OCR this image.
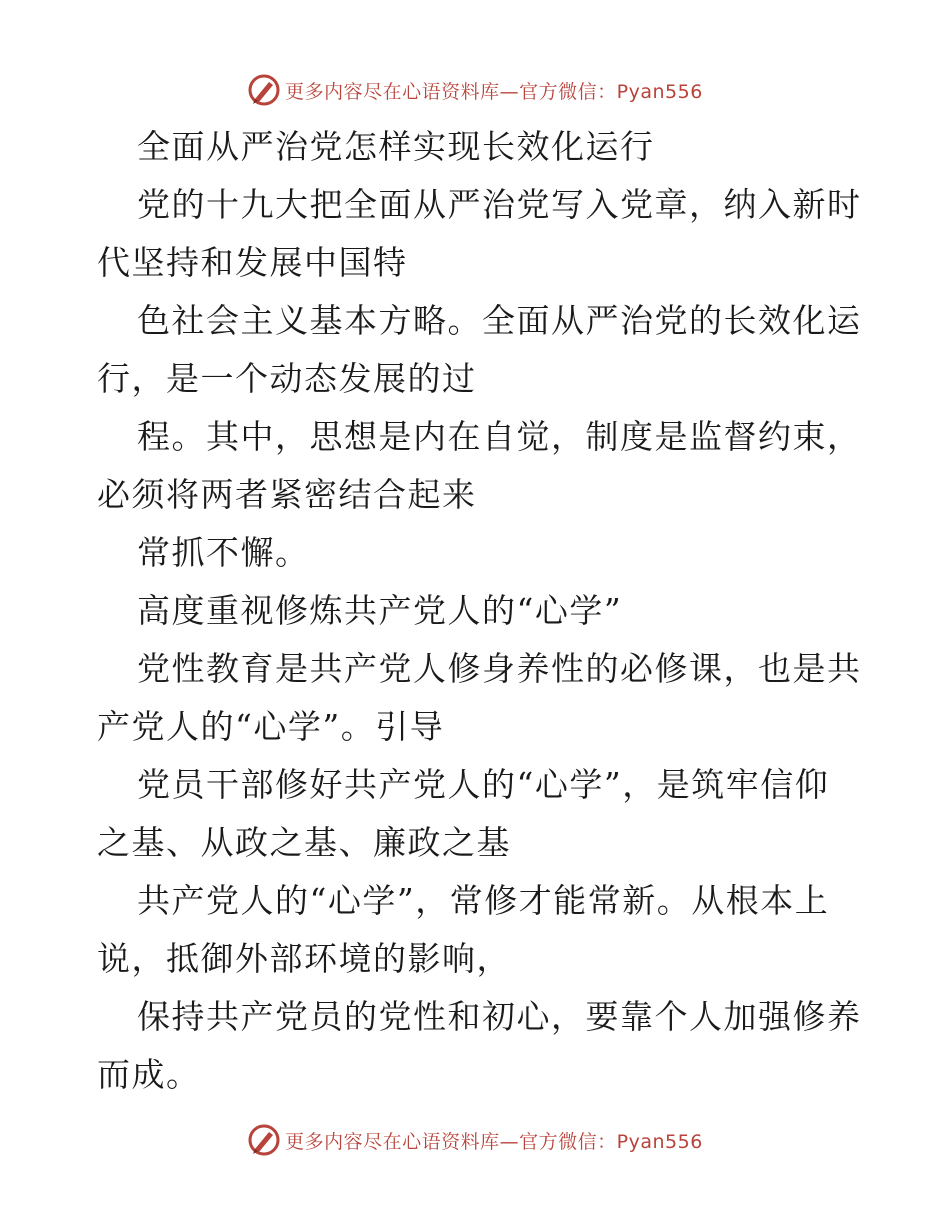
更多内容尽在心语资料库—官方微信：Pyan556

全面从严治党怎样实现长效化运行

党的十九大把全面从严治党写入党章，纳入新时

代坚持和发展中国特

色社会主义基本方略。全面从严治党的长效化运

行，是一个动态发展的过

程。其中，思想是内在自觉，制度是监督约束，

必须将两者紧密结合起来

常抓不懈。

高度重视修炼共产党人的“心学”

党性教育是共产党人修身养性的必修课，也是共

产党人的“心学”。引导

党员干部修好共产党人的“心学”，是筑牢信仰

之基、从政之基、廉政之基

共产党人的“心学”，常修才能常新。从根本上

说，抵御外部环境的影响，

保持共产党员的党性和初心，要靠个人加强修养

而成。

更多内容尽在心语资料库—官方微信：Pyan556
